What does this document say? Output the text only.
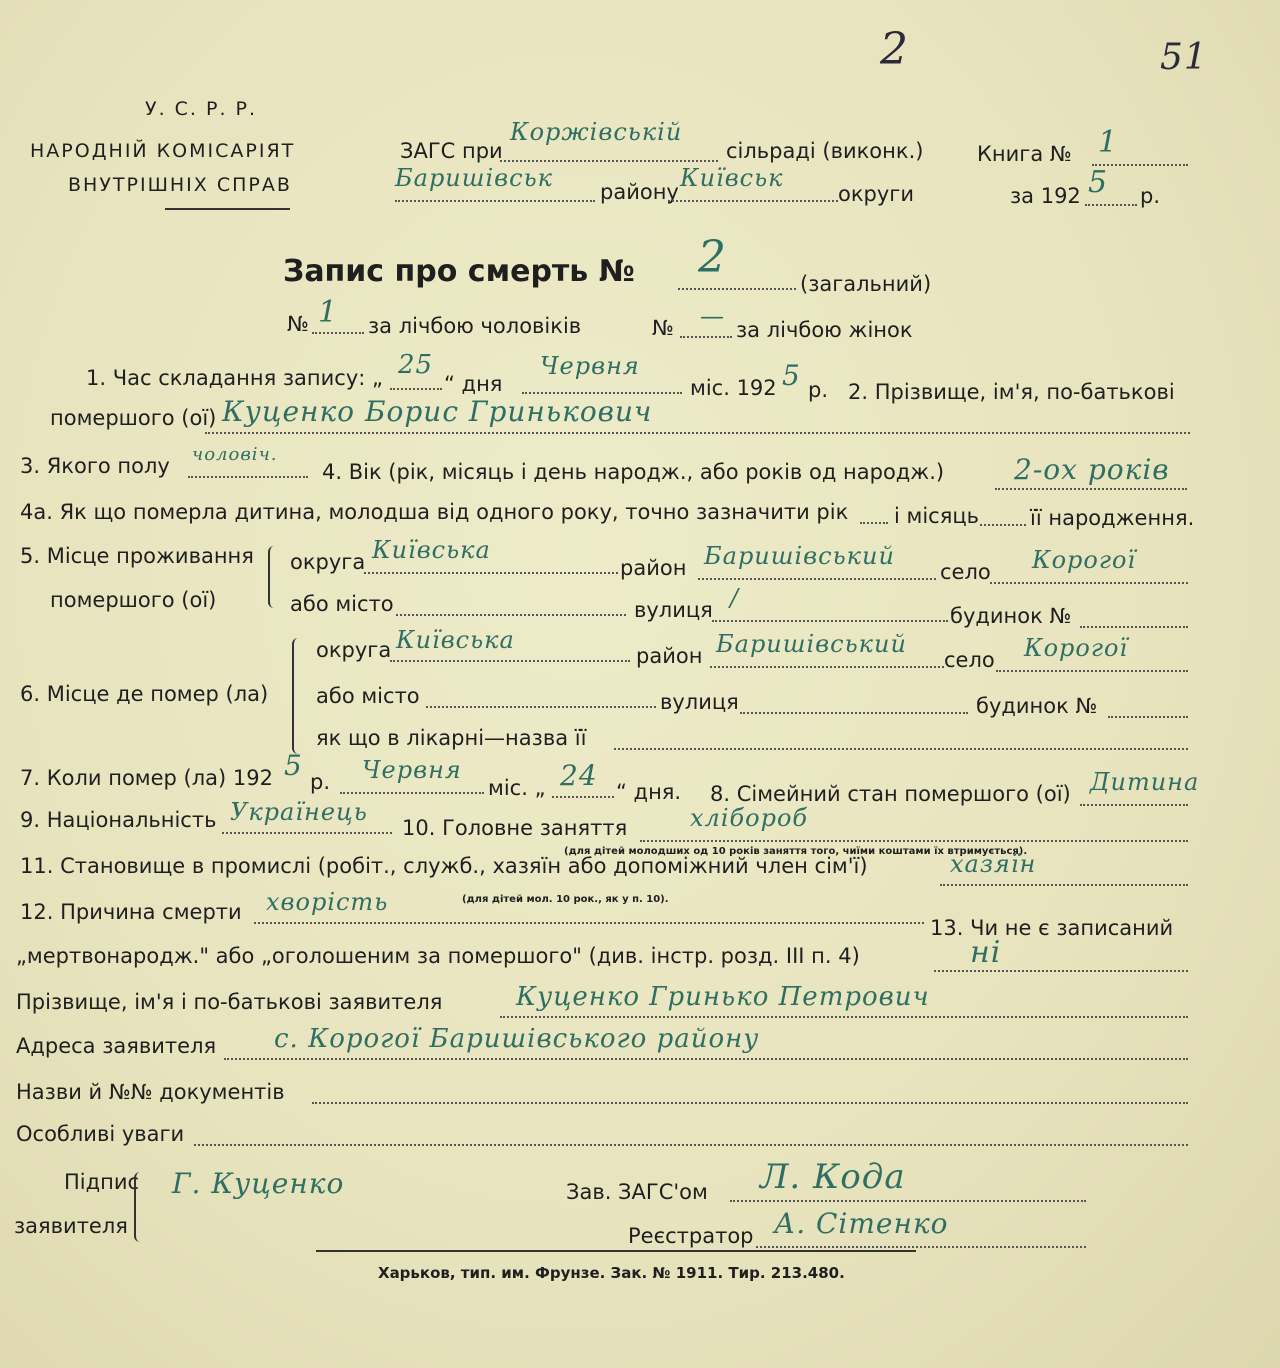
2	51
У. С. Р. Р.
НАРОДНІЙ КОМІСАРІЯТ
ВНУТРІШНІХ СПРАВ
ЗАГС при
Коржівській
сільраді (виконк.)	Книга № 1
Баришівськ району Київськ
округи	за 192 5 р.
Запис про смерть № 2
(загальний)
№ 1 за лічбою чоловіків	№ — за лічбою жінок
1. Час складання запису: „ 25
“ дня
Червня
міс. 192 5 р. 2. Прізвище, ім'я, по-батькові
помершого (ої) Куценко Борис Гринькович
3. Якого полу чоловіч.
4. Вік (рік, місяць і день народж., або років од народж.) 2-ох років
4а. Як що померла дитина, молодша від одного року, точно зазначити рік і місяць її народження.
5. Місце проживання
помершого (ої)
округа Київська
район Баришівський
село Корогої
або місто	вулиця /
будинок №
округа Київська
район Баришівський
село Корогої
6. Місце де помер (ла) або місто	вулиця	будинок №
як що в лікарні—назва її
7. Коли помер (ла) 192 5 р. Червня
міс. „ 24 “ дня. 8. Сімейний стан помершого (ої) Дитина
9. Національність Українець
10. Головне заняття	хлібороб
(для дітей молодших од 10 років заняття того, чиїми коштами їх втримується).
11. Становище в промислі (робіт., служб., хазяїн або допоміжний член сім'ї)	хазяїн
12. Причина смерти хворість	(для дітей мол. 10 рок., як у п. 10).
13. Чи не є записаний
„мертвонародж." або „оголошеним за помершого" (див. інстр. розд. III п. 4)	ні
Прізвище, ім'я і по-батькові заявителя	Куценко Гринько Петрович
Адреса заявителя с. Корогої Баришівського району
Назви й №№ документів
Особливі уваги
Підпис
заявителя
Г. Куценко	Зав. ЗАГС'ом Л. Кода
Реєстратор А. Сітенко
Харьков, тип. им. Фрунзе. Зак. № 1911. Тир. 213.480.
